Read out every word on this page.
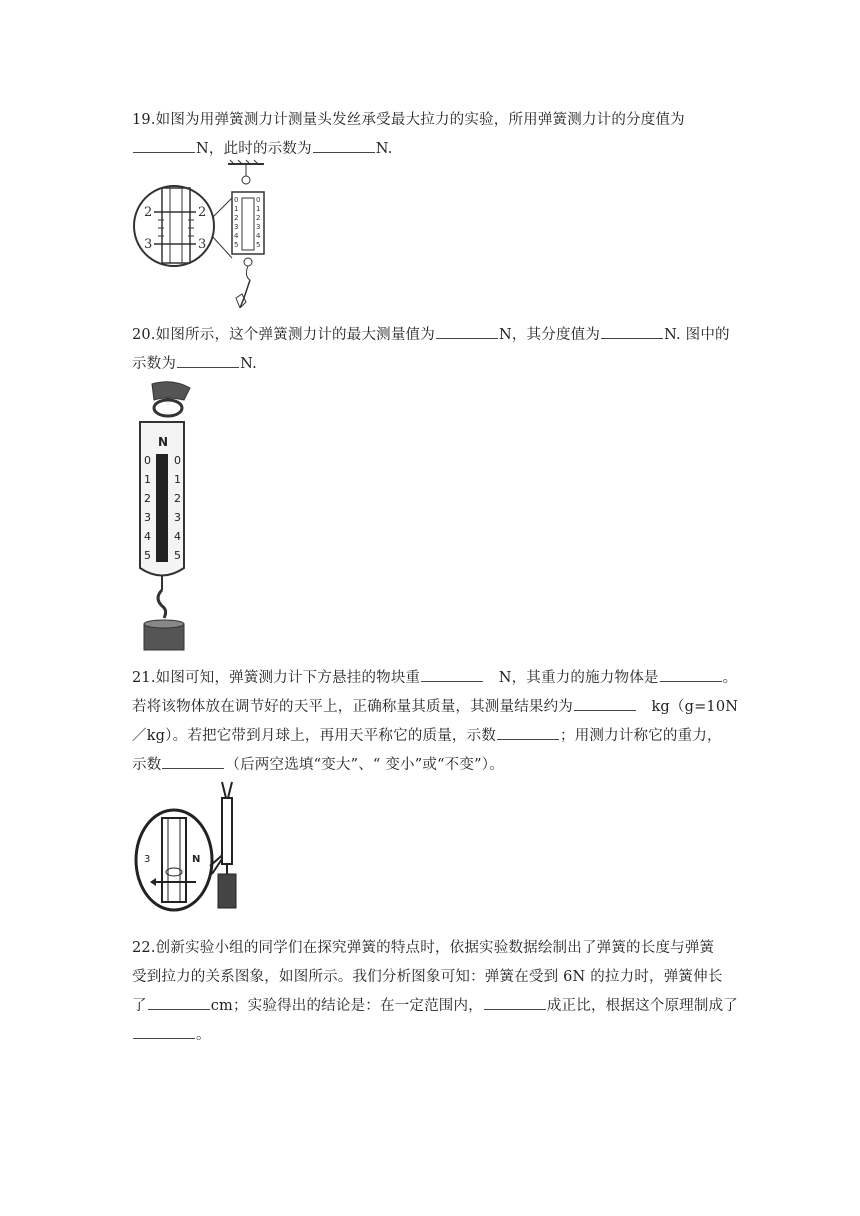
19.如图为用弹簧测力计测量头发丝承受最大拉力的实验，所用弹簧测力计的分度值为
N，此时的示数为	N.
2	2
3	3
0
1
2
3
4
5
0
1
2
3
4
5
20.如图所示，这个弹簧测力计的最大测量值为	N，其分度值为	N. 图中的
示数为	N.
N
0
1
2
3
4
5
0
1
2
3
4
5
21.如图可知，弹簧测力计下方悬挂的物块重	N，其重力的施力物体是	。
若将该物体放在调节好的天平上，正确称量其质量，其测量结果约为	kg（g=10N
／kg）。若把它带到月球上，再用天平称它的质量，示数	；用测力计称它的重力，
示数	（后两空选填“变大”、“ 变小”或“不变”）。
3	N
22.创新实验小组的同学们在探究弹簧的特点时，依据实验数据绘制出了弹簧的长度与弹簧
受到拉力的关系图象，如图所示。我们分析图象可知：弹簧在受到 6N 的拉力时，弹簧伸长
了	cm；实验得出的结论是：在一定范围内，	成正比，根据这个原理制成了
。
